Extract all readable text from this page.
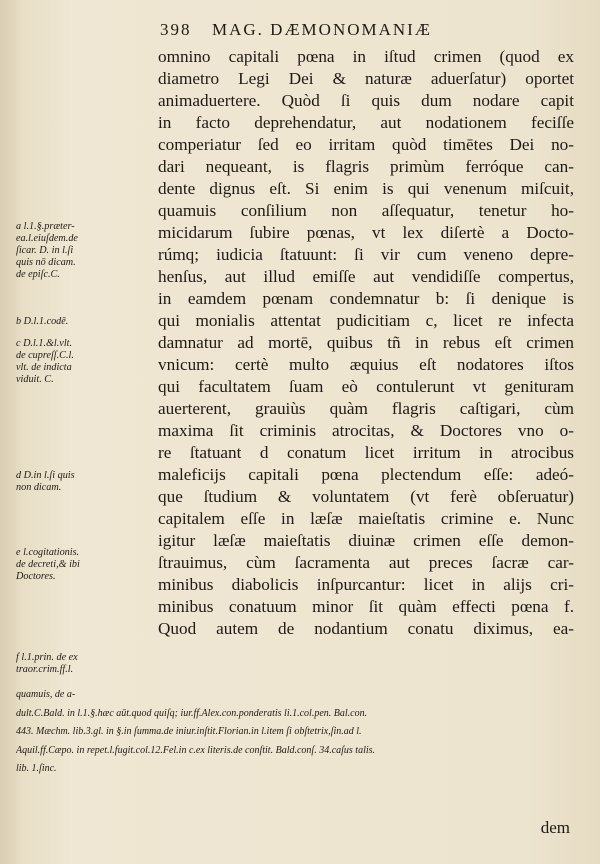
398 MAG. DÆMONOMANIÆ
omnino capitali pœna in iſtud crimen (quod ex
diametro Legi Dei & naturæ aduerſatur) oportet
animaduertere. Quòd ſi quis dum nodare capit
in facto deprehendatur, aut nodationem feciſſe
comperiatur ſed eo irritam quòd timētes Dei no-
dari nequeant, is flagris primùm ferróque can-
dente dignus eſt. Si enim is qui venenum miſcuit,
quamuis conſilium non aſſequatur, tenetur ho-
micidarum ſubire pœnas, vt lex diſertè a Docto-
rúmq; iudicia ſtatuunt: ſi vir cum veneno depre-
henſus, aut illud emiſſe aut vendidiſſe compertus,
in eamdem pœnam condemnatur b: ſi denique is
qui monialis attentat pudicitiam c, licet re infecta
damnatur ad mortē, quibus tñ in rebus eſt crimen
vnicum: certè multo æquius eſt nodatores iſtos
qui facultatem ſuam eò contulerunt vt genituram
auerterent, grauiùs quàm flagris caſtigari, cùm
maxima ſit criminis atrocitas, & Doctores vno o-
re ſtatuant d conatum licet irritum in atrocibus
maleficijs capitali pœna plectendum eſſe: adeó-
que ſtudium & voluntatem (vt ferè obſeruatur)
capitalem eſſe in læſæ maieſtatis crimine e. Nunc
igitur læſæ maieſtatis diuinæ crimen eſſe demon-
ſtrauimus, cùm ſacramenta aut preces ſacræ car-
minibus diabolicis inſpurcantur: licet in alijs cri-
minibus conatuum minor ſit quàm effecti pœna f.
Quod autem de nodantium conatu diximus, ea-
a l.1.§.præter-
ea.l.eiuſdem.de
ſicar. D. in l.ſi
quis nō dicam.
de epiſc.C.
b D.l.1.codē.
c D.l.1.&l.vlt.
de cupreſſ.C.l.
vlt. de indicta
viduit. C.
d D.in l.ſi quis
non dicam.
e l.cogitationis.
de decreti,& ibi
Doctores.
f l.1.prin. de ex
traor.crim.ff.l.
quamuis, de a-
dult.C.Bald. in l.1.§.hæc aūt.quod quiſq; iur.ff.Alex.con.ponderatis li.1.col.pen. Bal.con.
443. Mæchm. lib.3.gl. in §.in ſumma.de iniur.inſtit.Florian.in l.item ſi obſtetrix,ſin.ad l.
Aquil.ff.Cæpo. in repet.l.fugit.col.12.Fel.in c.ex literis.de conſtit. Bald.conſ. 34.caſus talis.
lib. 1.ſinc.
dem
